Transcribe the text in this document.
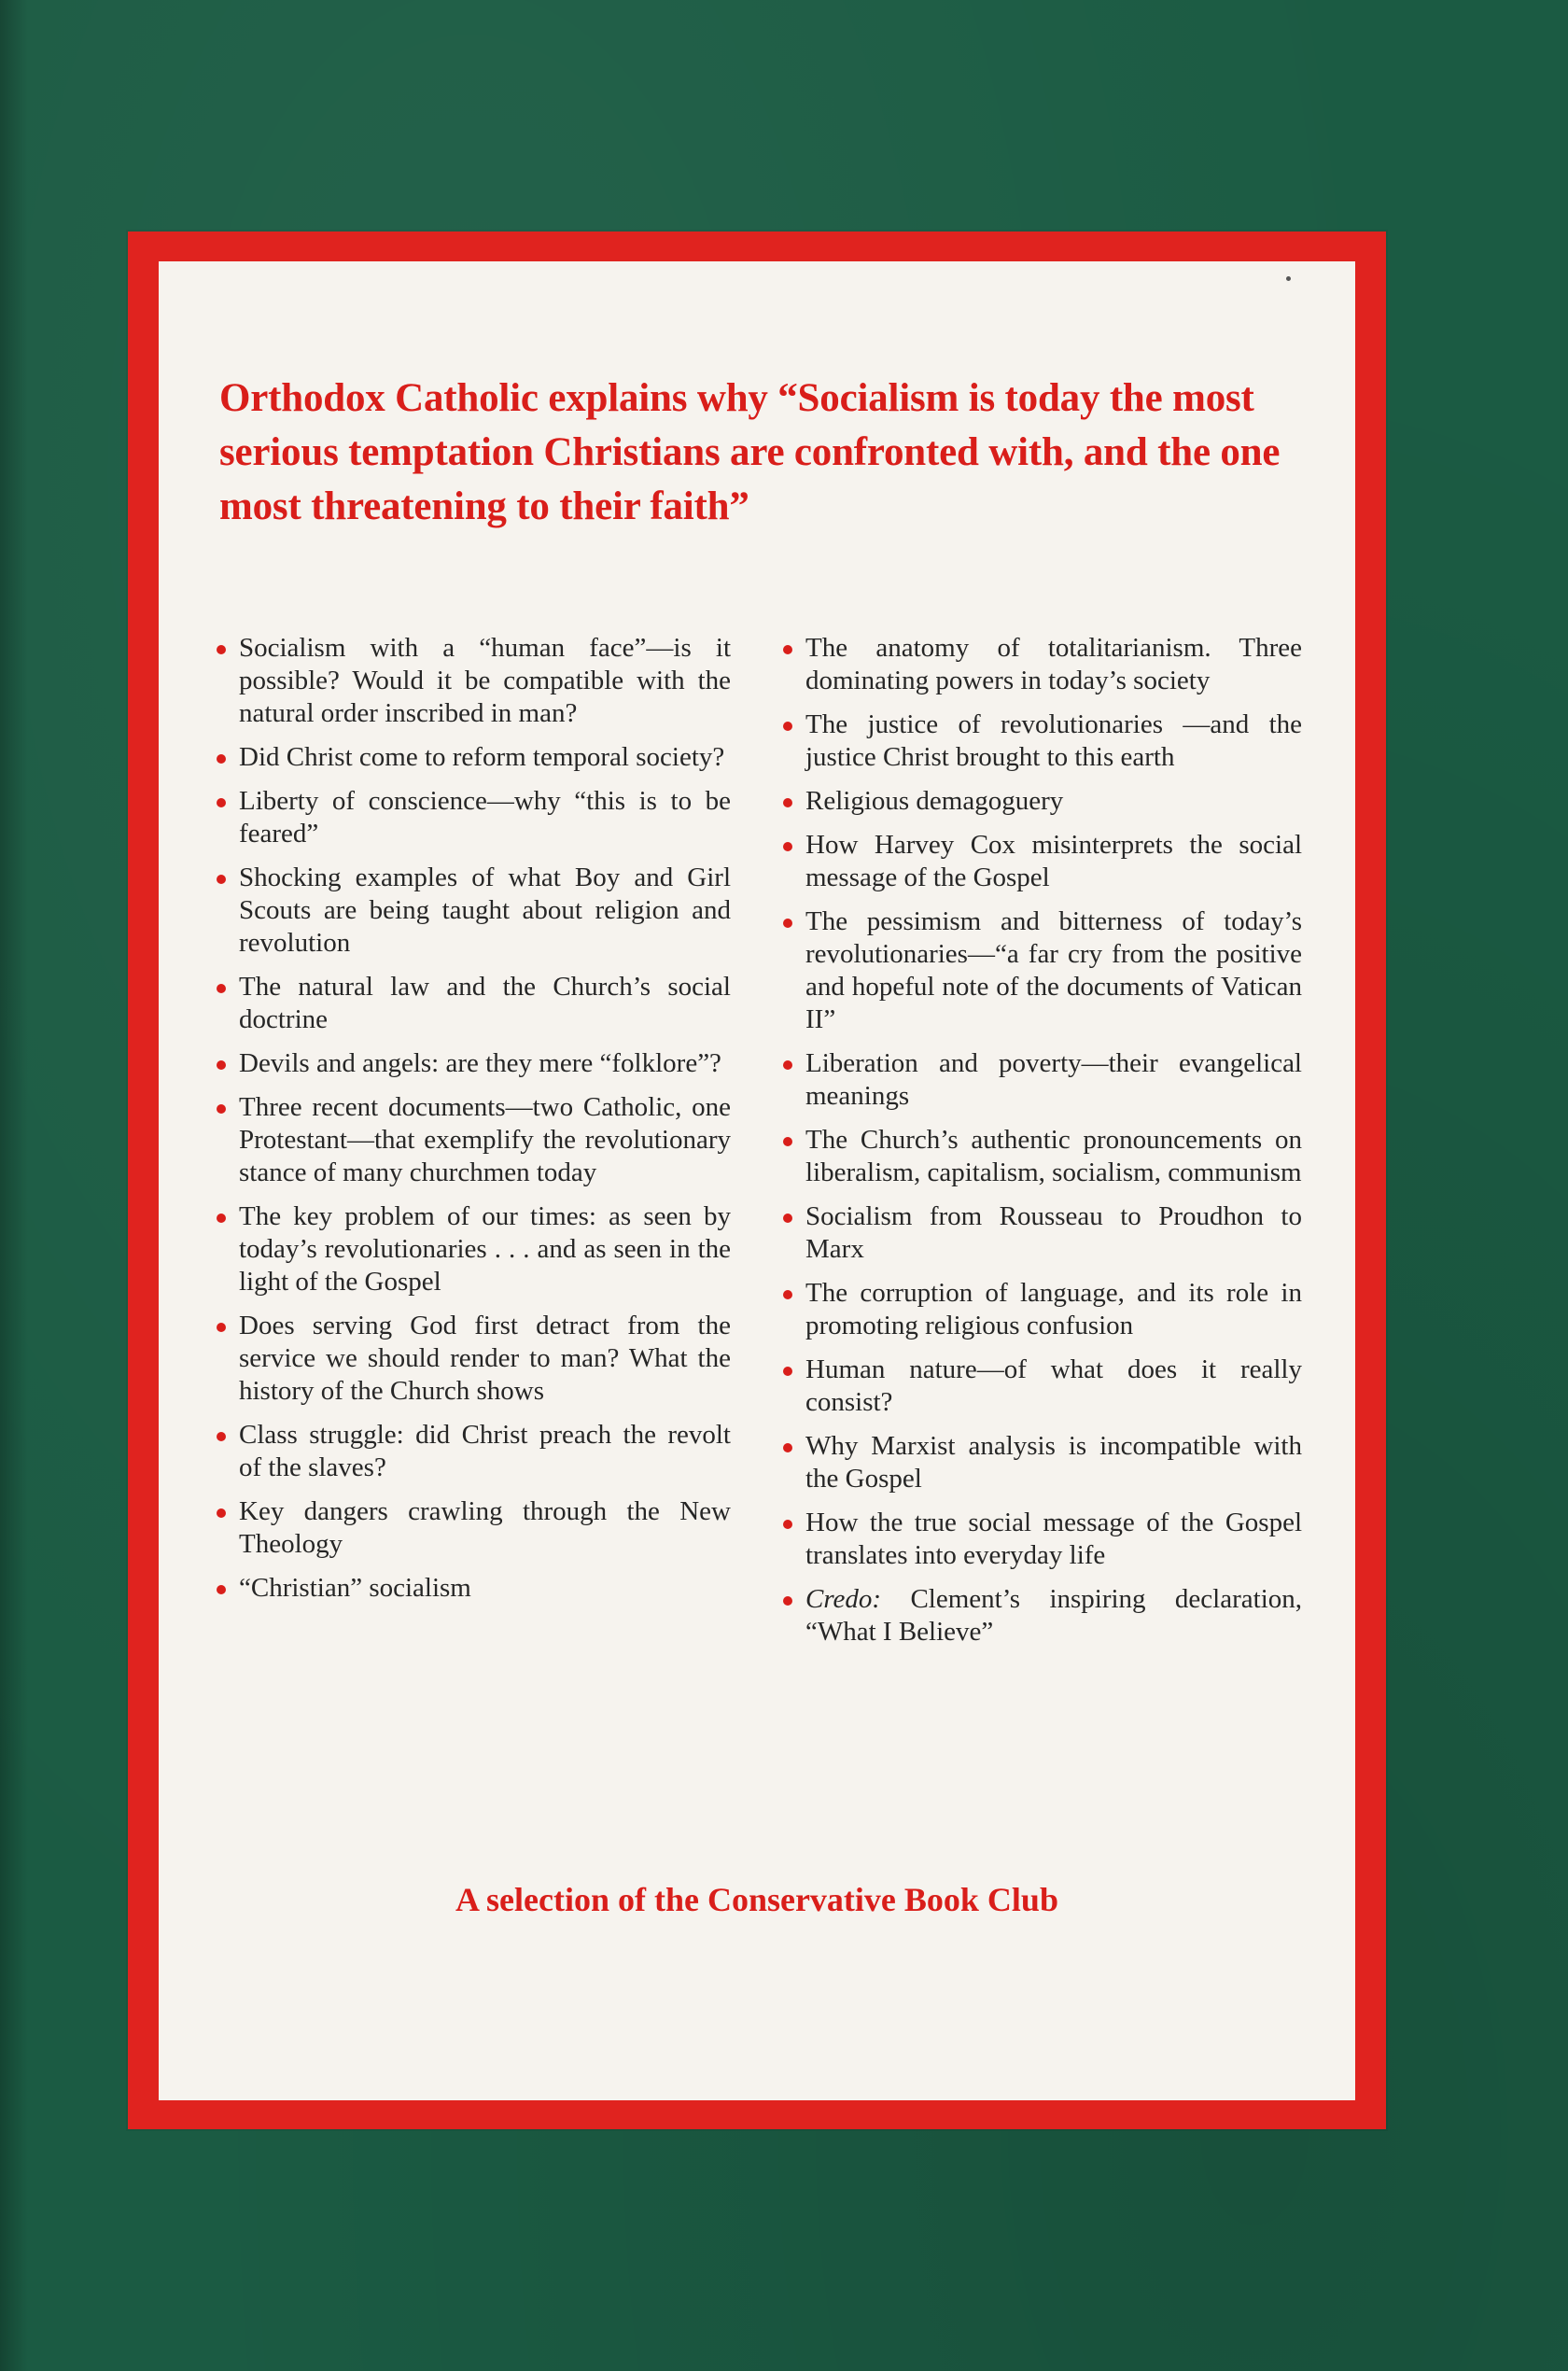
Orthodox Catholic explains why “Socialism is today the most serious temptation Christians are confronted with, and the one most threatening to their faith”
Socialism with a “human face”—is it possible? Would it be compatible with the natural order inscribed in man?
Did Christ come to reform temporal society?
Liberty of conscience—why “this is to be feared”
Shocking examples of what Boy and Girl Scouts are being taught about religion and revolution
The natural law and the Church’s social doctrine
Devils and angels: are they mere “folklore”?
Three recent documents—two Catholic, one Protestant—that exemplify the revolutionary stance of many churchmen today
The key problem of our times: as seen by today’s revolutionaries . . . and as seen in the light of the Gospel
Does serving God first detract from the service we should render to man? What the history of the Church shows
Class struggle: did Christ preach the revolt of the slaves?
Key dangers crawling through the New Theology
“Christian” socialism
The anatomy of totalitarianism. Three dominating powers in today’s society
The justice of revolutionaries —and the justice Christ brought to this earth
Religious demagoguery
How Harvey Cox misinterprets the social message of the Gospel
The pessimism and bitterness of today’s revolutionaries—“a far cry from the positive and hopeful note of the documents of Vatican II”
Liberation and poverty—their evangelical meanings
The Church’s authentic pronouncements on liberalism, capitalism, socialism, communism
Socialism from Rousseau to Proudhon to Marx
The corruption of language, and its role in promoting religious confusion
Human nature—of what does it really consist?
Why Marxist analysis is incompatible with the Gospel
How the true social message of the Gospel translates into everyday life
Credo: Clement’s inspiring declaration, “What I Believe”

A selection of the Conservative Book Club
